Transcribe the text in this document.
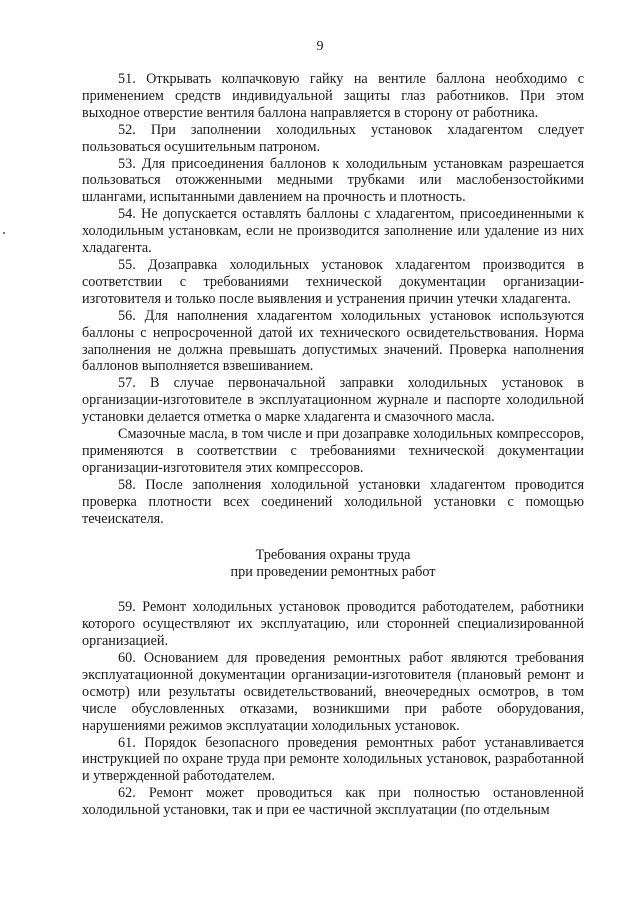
9

51. Открывать колпачковую гайку на вентиле баллона необходимо с применением средств индивидуальной защиты глаз работников. При этом выходное отверстие вентиля баллона направляется в сторону от работника.

52. При заполнении холодильных установок хладагентом следует пользоваться осушительным патроном.

53. Для присоединения баллонов к холодильным установкам разрешается пользоваться отожженными медными трубками или маслобензостойкими шлангами, испытанными давлением на прочность и плотность.

54. Не допускается оставлять баллоны с хладагентом, присоединенными к холодильным установкам, если не производится заполнение или удаление из них хладагента.

55. Дозаправка холодильных установок хладагентом производится в соответствии с требованиями технической документации организации-изготовителя и только после выявления и устранения причин утечки хладагента.

56. Для наполнения хладагентом холодильных установок используются баллоны с непросроченной датой их технического освидетельствования. Норма заполнения не должна превышать допустимых значений. Проверка наполнения баллонов выполняется взвешиванием.

57. В случае первоначальной заправки холодильных установок в организации-изготовителе в эксплуатационном журнале и паспорте холодильной установки делается отметка о марке хладагента и смазочного масла.

Смазочные масла, в том числе и при дозаправке холодильных компрессоров, применяются в соответствии с требованиями технической документации организации-изготовителя этих компрессоров.

58. После заполнения холодильной установки хладагентом проводится проверка плотности всех соединений холодильной установки с помощью течеискателя.

Требования охраны труда

при проведении ремонтных работ

59. Ремонт холодильных установок проводится работодателем, работники которого осуществляют их эксплуатацию, или сторонней специализированной организацией.

60. Основанием для проведения ремонтных работ являются требования эксплуатационной документации организации-изготовителя (плановый ремонт и осмотр) или результаты освидетельствований, внеочередных осмотров, в том числе обусловленных отказами, возникшими при работе оборудования, нарушениями режимов эксплуатации холодильных установок.

61. Порядок безопасного проведения ремонтных работ устанавливается инструкцией по охране труда при ремонте холодильных установок, разработанной и утвержденной работодателем.

62. Ремонт может проводиться как при полностью остановленной холодильной установки, так и при ее частичной эксплуатации (по отдельным
